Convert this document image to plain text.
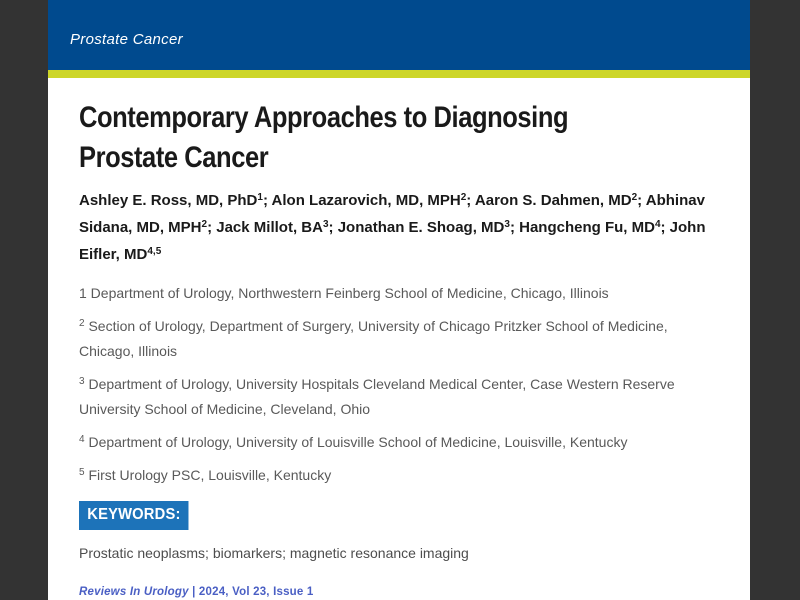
Prostate Cancer
Contemporary Approaches to Diagnosing
Prostate Cancer
Ashley E. Ross, MD, PhD$^1$; Alon Lazarovich, MD, MPH$^2$; Aaron S. Dahmen, $MD^2$; Abhinav Sidana, MD, MPH$^2$; Jack Millot, $BA^3$; Jonathan E. Shoag, $MD^3$; Hangcheng Fu, $MD^4$; John Eifler, MD$^{4,5}$

1 Department of Urology, Northwestern Feinberg School of Medicine, Chicago, Illinois

$^2$ Section of Urology, Department of Surgery, University of Chicago Pritzker School of Medicine, Chicago, Illinois

$^3$ Department of Urology, University Hospitals Cleveland Medical Center, Case Western Reserve University School of Medicine, Cleveland, Ohio

$^4$ Department of Urology, University of Louisville School of Medicine, Louisville, Kentucky

$^5$ First Urology PSC, Louisville, Kentucky

KEYWORDS:
Prostatic neoplasms; biomarkers; magnetic resonance imaging
Reviews In Urology | 2024, Vol 23, Issue 1
